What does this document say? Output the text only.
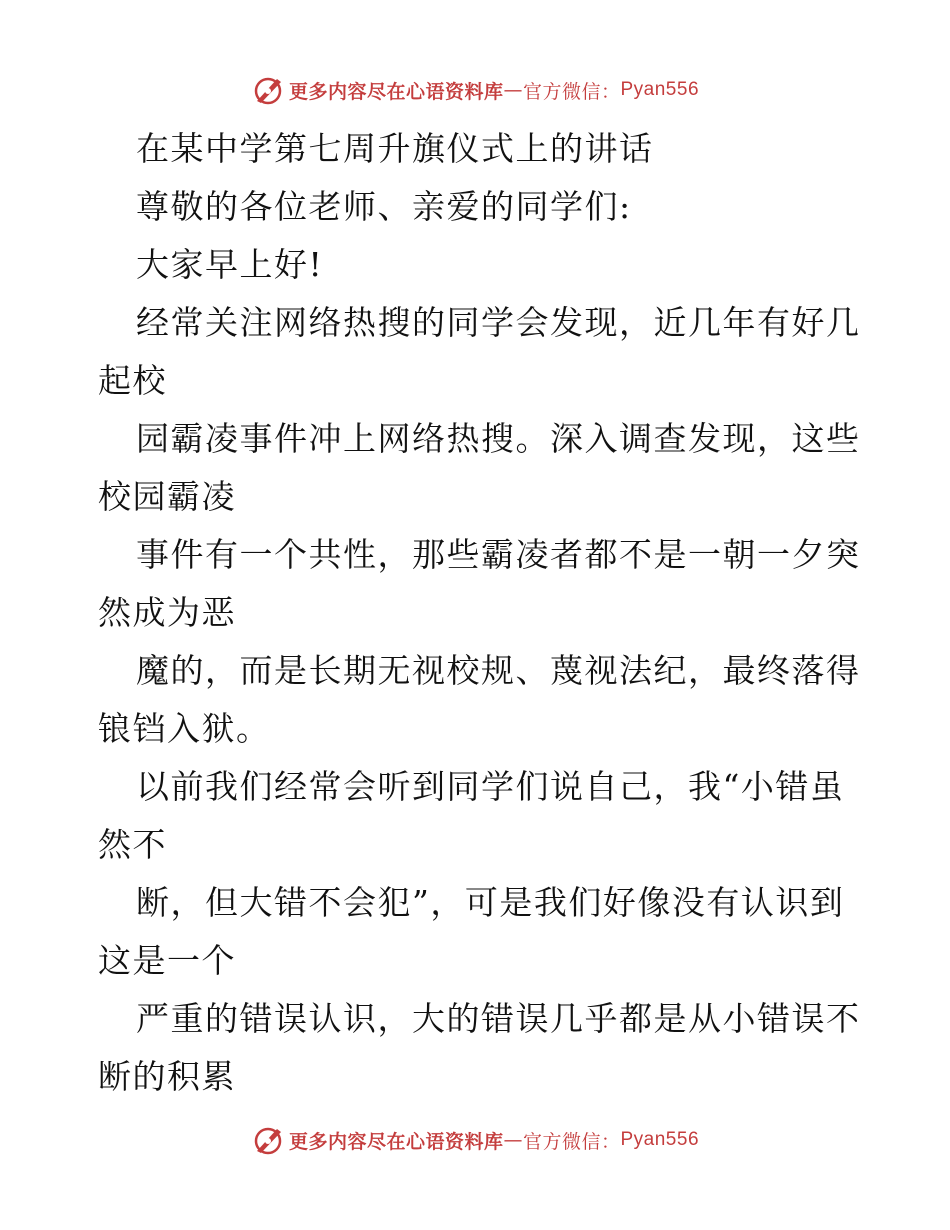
更多内容尽在心语资料库 — 官方微信： Pyan556
在某中学第七周升旗仪式上的讲话
尊敬的各位老师、亲爱的同学们:
大家早上好!
经常关注网络热搜的同学会发现，近几年有好几
起校
园霸凌事件冲上网络热搜。深入调查发现，这些
校园霸凌
事件有一个共性，那些霸凌者都不是一朝一夕突
然成为恶
魔的，而是长期无视校规、蔑视法纪，最终落得
锒铛入狱。
以前我们经常会听到同学们说自己，我“小错虽
然不
断，但大错不会犯”，可是我们好像没有认识到
这是一个
严重的错误认识，大的错误几乎都是从小错误不
断的积累
更多内容尽在心语资料库 — 官方微信： Pyan556
